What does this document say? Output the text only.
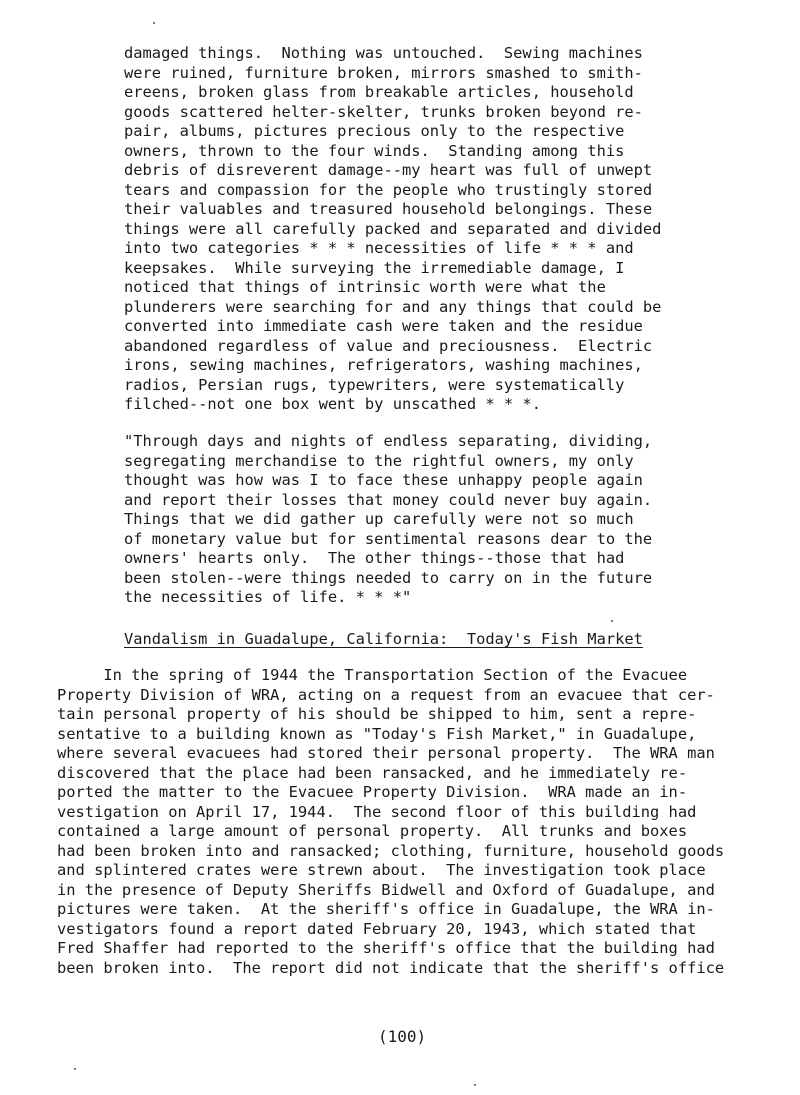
damaged things.  Nothing was untouched.  Sewing machines
were ruined, furniture broken, mirrors smashed to smith-
ereens, broken glass from breakable articles, household
goods scattered helter-skelter, trunks broken beyond re-
pair, albums, pictures precious only to the respective
owners, thrown to the four winds.  Standing among this
debris of disreverent damage--my heart was full of unwept
tears and compassion for the people who trustingly stored
their valuables and treasured household belongings. These
things were all carefully packed and separated and divided
into two categories * * * necessities of life * * * and
keepsakes.  While surveying the irremediable damage, I
noticed that things of intrinsic worth were what the
plunderers were searching for and any things that could be
converted into immediate cash were taken and the residue
abandoned regardless of value and preciousness.  Electric
irons, sewing machines, refrigerators, washing machines,
radios, Persian rugs, typewriters, were systematically
filched--not one box went by unscathed * * *.
"Through days and nights of endless separating, dividing,
segregating merchandise to the rightful owners, my only
thought was how was I to face these unhappy people again
and report their losses that money could never buy again.
Things that we did gather up carefully were not so much
of monetary value but for sentimental reasons dear to the
owners' hearts only.  The other things--those that had
been stolen--were things needed to carry on in the future
the necessities of life. * * *"
Vandalism in Guadalupe, California:  Today's Fish Market
In the spring of 1944 the Transportation Section of the Evacuee
Property Division of WRA, acting on a request from an evacuee that cer-
tain personal property of his should be shipped to him, sent a repre-
sentative to a building known as "Today's Fish Market," in Guadalupe,
where several evacuees had stored their personal property.  The WRA man
discovered that the place had been ransacked, and he immediately re-
ported the matter to the Evacuee Property Division.  WRA made an in-
vestigation on April 17, 1944.  The second floor of this building had
contained a large amount of personal property.  All trunks and boxes
had been broken into and ransacked; clothing, furniture, household goods
and splintered crates were strewn about.  The investigation took place
in the presence of Deputy Sheriffs Bidwell and Oxford of Guadalupe, and
pictures were taken.  At the sheriff's office in Guadalupe, the WRA in-
vestigators found a report dated February 20, 1943, which stated that
Fred Shaffer had reported to the sheriff's office that the building had
been broken into.  The report did not indicate that the sheriff's office
(100)
